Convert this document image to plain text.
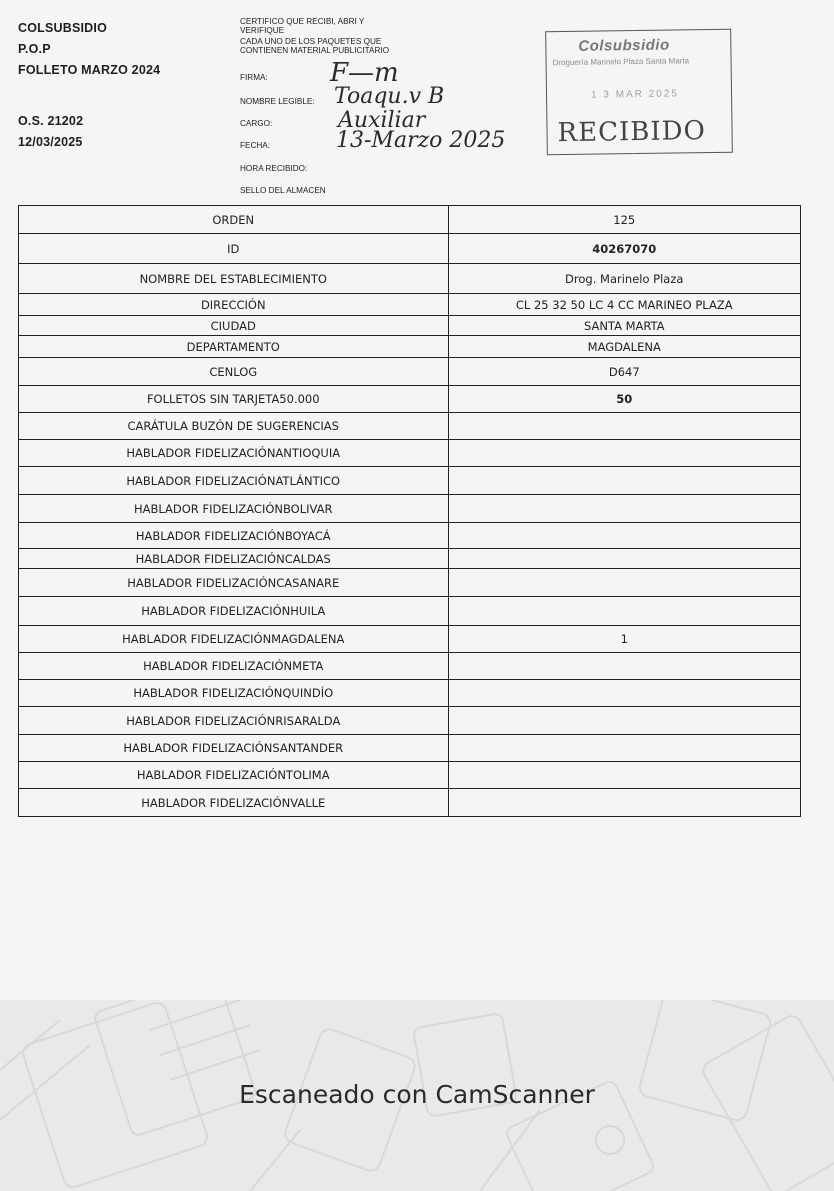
COLSUBSIDIO
P.O.P
FOLLETO MARZO 2024
O.S. 21202
12/03/2025
CERTIFICO QUE RECIBI, ABRI Y
VERIFIQUE
CADA UNO DE LOS PAQUETES QUE
CONTIENEN MATERIAL PUBLICITARIO
FIRMA:
NOMBRE LEGIBLE:
CARGO:
FECHA:
HORA RECIBIDO:
SELLO DEL ALMACEN
F—m
Toaqu.v B
Auxiliar
13-Marzo 2025
Colsubsidio
Droguería Marinelo Plaza Santa Marta
1 3 MAR 2025
RECIBIDO
ORDEN	125
ID	40267070
NOMBRE DEL ESTABLECIMIENTO	Drog. Marinelo Plaza
DIRECCIÓN	CL 25 32 50 LC 4 CC MARINEO PLAZA
CIUDAD	SANTA MARTA
DEPARTAMENTO	MAGDALENA
CENLOG	D647
FOLLETOS SIN TARJETA50.000	50
CARÁTULA BUZÓN DE SUGERENCIAS	
HABLADOR FIDELIZACIÓNANTIOQUIA	
HABLADOR FIDELIZACIÓNATLÁNTICO	
HABLADOR FIDELIZACIÓNBOLIVAR	
HABLADOR FIDELIZACIÓNBOYACÁ	
HABLADOR FIDELIZACIÓNCALDAS	
HABLADOR FIDELIZACIÓNCASANARE	
HABLADOR FIDELIZACIÓNHUILA	
HABLADOR FIDELIZACIÓNMAGDALENA	1
HABLADOR FIDELIZACIÓNMETA	
HABLADOR FIDELIZACIÓNQUINDÍO	
HABLADOR FIDELIZACIÓNRISARALDA	
HABLADOR FIDELIZACIÓNSANTANDER	
HABLADOR FIDELIZACIÓNTOLIMA	
HABLADOR FIDELIZACIÓNVALLE	
Escaneado con CamScanner
